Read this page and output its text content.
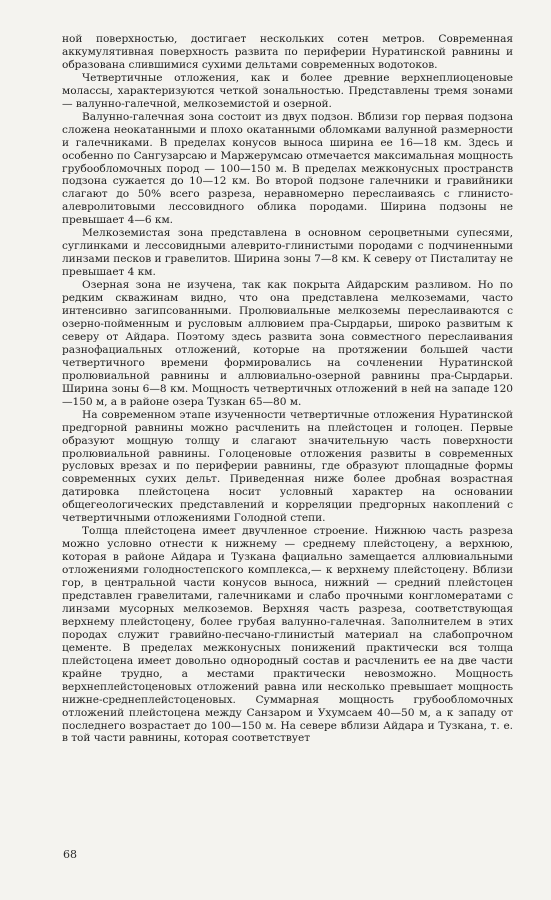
ной поверхностью, достигает нескольких сотен метров. Современная аккумулятивная поверхность развита по периферии Нуратинской равнины и образована слившимися сухими дельтами современных водотоков.

Четвертичные отложения, как и более древние верхнеплиоценовые молассы, характеризуются четкой зональностью. Представлены тремя зонами — валунно-галечной, мелкоземистой и озерной.

Валунно-галечная зона состоит из двух подзон. Вблизи гор первая подзона сложена неокатанными и плохо окатанными обломками валунной размерности и галечниками. В пределах конусов выноса ширина ее 16—18 км. Здесь и особенно по Сангузарсаю и Маржерумсаю отмечается максимальная мощность грубообломочных пород — 100—150 м. В пределах межконусных пространств подзона сужается до 10—12 км. Во второй подзоне галечники и гравийники слагают до 50% всего разреза, неравномерно переслаиваясь с глинисто-алевролитовыми лессовидного облика породами. Ширина подзоны не превышает 4—6 км.

Мелкоземистая зона представлена в основном сероцветными супесями, суглинками и лессовидными алеврито-глинистыми породами с подчиненными линзами песков и гравелитов. Ширина зоны 7—8 км. К северу от Писталитау не превышает 4 км.

Озерная зона не изучена, так как покрыта Айдарским разливом. Но по редким скважинам видно, что она представлена мелкоземами, часто интенсивно загипсованными. Пролювиальные мелкоземы переслаиваются с озерно-пойменным и русловым аллювием пра-Сырдарьи, широко развитым к северу от Айдара. Поэтому здесь развита зона совместного переслаивания разнофациальных отложений, которые на протяжении большей части четвертичного времени формировались на сочленении Нуратинской пролювиальной равнины и аллювиально-озерной равнины пра-Сырдарьи. Ширина зоны 6—8 км. Мощность четвертичных отложений в ней на западе 120—150 м, а в районе озера Тузкан 65—80 м.

На современном этапе изученности четвертичные отложения Нуратинской предгорной равнины можно расчленить на плейстоцен и голоцен. Первые образуют мощную толщу и слагают значительную часть поверхности пролювиальной равнины. Голоценовые отложения развиты в современных русловых врезах и по периферии равнины, где образуют площадные формы современных сухих дельт. Приведенная ниже более дробная возрастная датировка плейстоцена носит условный характер на основании общегеологических представлений и корреляции предгорных накоплений с четвертичными отложениями Голодной степи.

Толща плейстоцена имеет двучленное строение. Нижнюю часть разреза можно условно отнести к нижнему — среднему плейстоцену, а верхнюю, которая в районе Айдара и Тузкана фациально замещается аллювиальными отложениями голодностепского комплекса,— к верхнему плейстоцену. Вблизи гор, в центральной части конусов выноса, нижний — средний плейстоцен представлен гравелитами, галечниками и слабо прочными конгломератами с линзами мусорных мелкоземов. Верхняя часть разреза, соответствующая верхнему плейстоцену, более грубая валунно-галечная. Заполнителем в этих породах служит гравийно-песчано-глинистый материал на слабопрочном цементе. В пределах межконусных понижений практически вся толща плейстоцена имеет довольно однородный состав и расчленить ее на две части крайне трудно, а местами практически невозможно. Мощность верхнеплейстоценовых отложений равна или несколько превышает мощность нижне-среднеплейстоценовых. Суммарная мощность грубообломочных отложений плейстоцена между Санзаром и Ухумсаем 40—50 м, а к западу от последнего возрастает до 100—150 м. На севере вблизи Айдара и Тузкана, т. е. в той части равнины, которая соответствует

68
